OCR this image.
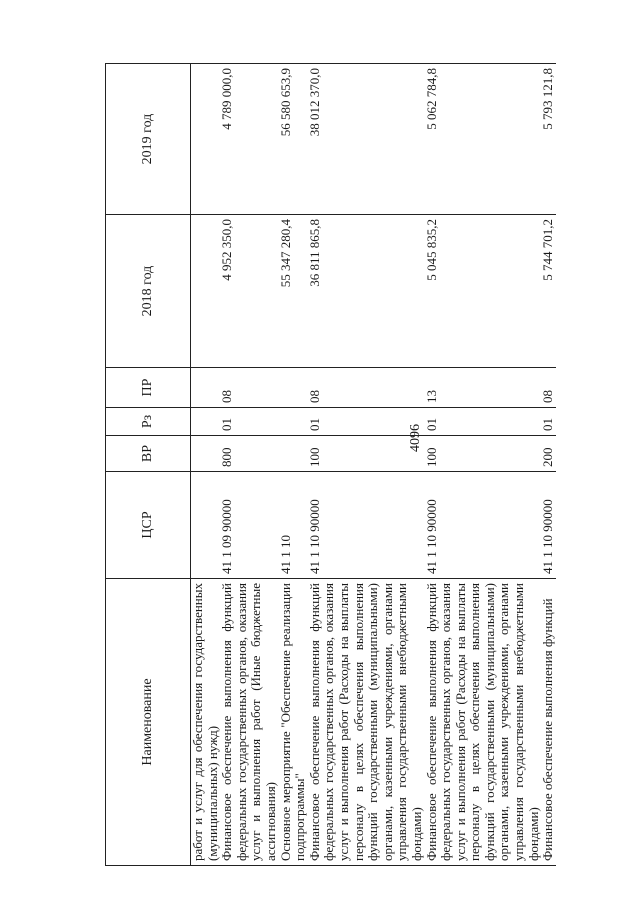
4096
Наименование	ЦСР	ВР	Рз	ПР	2018 год	2019 год
работ и услуг для обеспечения государственных (муниципальных) нужд)						
Финансовое обеспечение выполнения функций федеральных государственных органов, оказания услуг и выполнения работ (Иные бюджетные ассигнования)	41 1 09 90000	800	01	08	4 952 350,0	4 789 000,0
Основное мероприятие "Обеспечение реализации подпрограммы"	41 1 10				55 347 280,4	56 580 653,9
Финансовое обеспечение выполнения функций федеральных государственных органов, оказания услуг и выполнения работ (Расходы на выплаты персоналу в целях обеспечения выполнения функций государственными (муниципальными) органами, казенными учреждениями, органами управления государственными внебюджетными фондами)	41 1 10 90000	100	01	08	36 811 865,8	38 012 370,0
Финансовое обеспечение выполнения функций федеральных государственных органов, оказания услуг и выполнения работ (Расходы на выплаты персоналу в целях обеспечения выполнения функций государственными (муниципальными) органами, казенными учреждениями, органами управления государственными внебюджетными фондами)	41 1 10 90000	100	01	13	5 045 835,2	5 062 784,8
Финансовое обеспечение выполнения функций	41 1 10 90000	200	01	08	5 744 701,2	5 793 121,8
